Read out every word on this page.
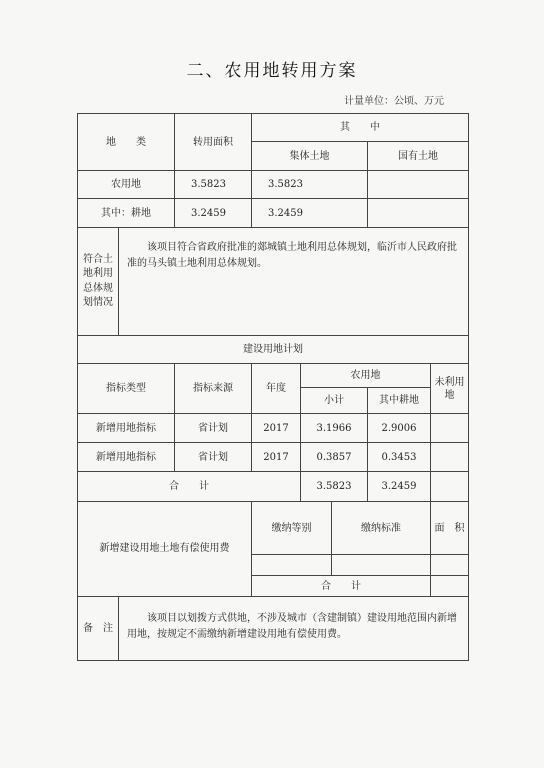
二、农用地转用方案
计量单位：公顷、万元
地　　类		转用面积	其　　中					
			集体土地			国有土地		
农用地		3.5823	3.5823					
其中：耕地		3.2459	3.2459					
符合土地利用总体规划情况	该项目符合省政府批准的郯城镇土地利用总体规划，临沂市人民政府批准的马头镇土地利用总体规划。							
建设用地计划								
指标类型		指标来源	年度	农用地			未利用地	
				小计		其中耕地		
新增用地指标		省计划	2017	3.1966		2.9006		
新增用地指标		省计划	2017	0.3857		0.3453		
合　　计				3.5823		3.2459		
新增建设用地土地有偿使用费			缴纳等别		缴纳标准		面　积	

			合　　计					
备　注	该项目以划拨方式供地，不涉及城市（含建制镇）建设用地范围内新增用地，按规定不需缴纳新增建设用地有偿使用费。							
